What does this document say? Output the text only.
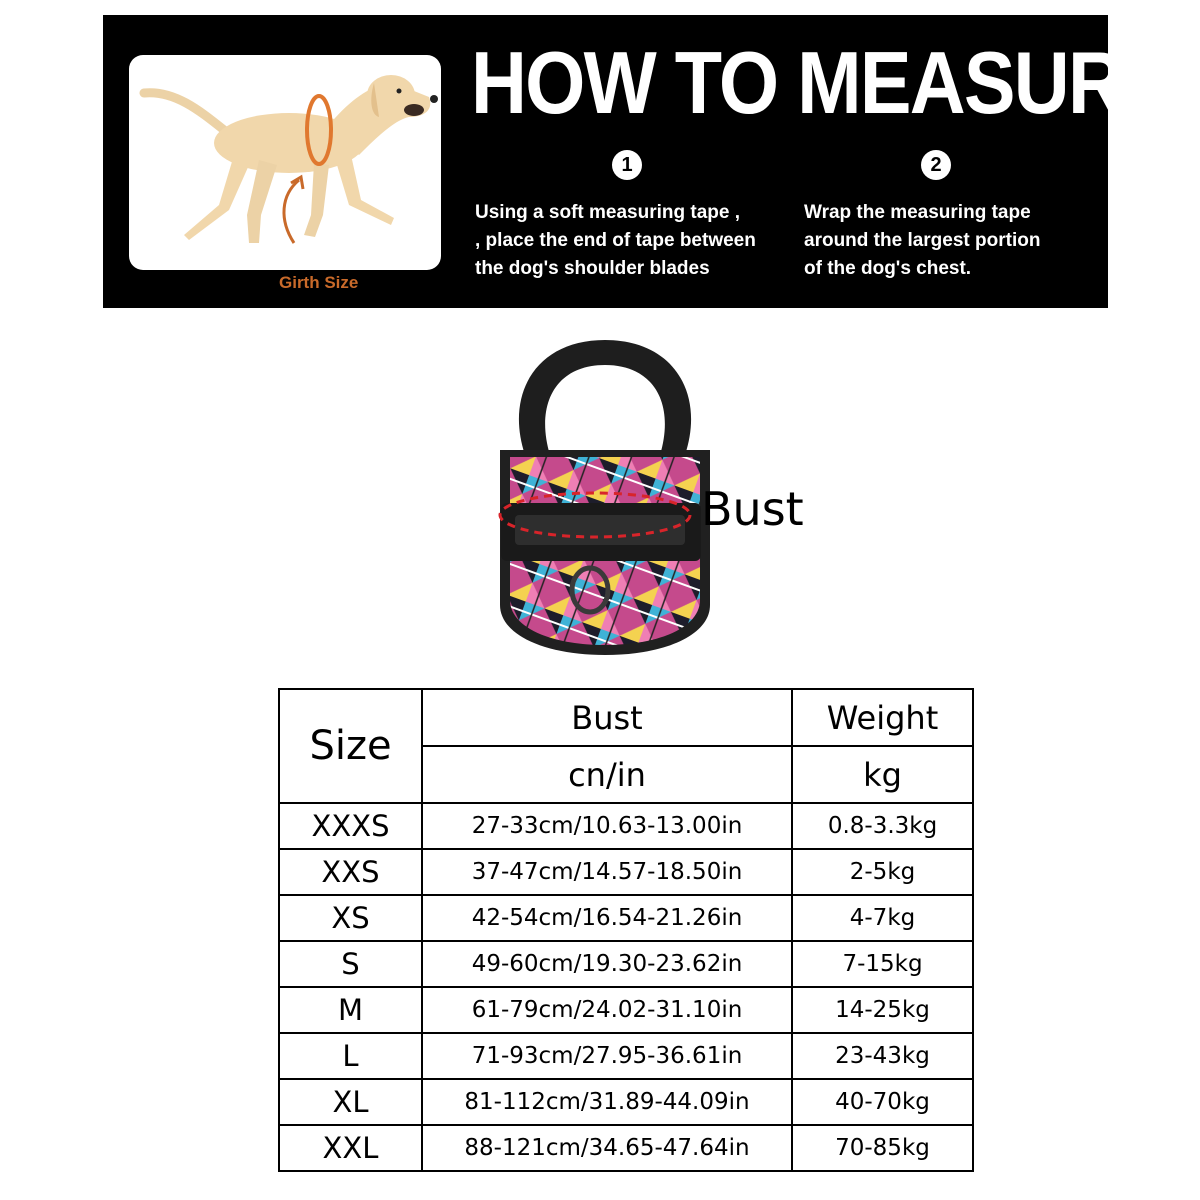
Girth Size
HOW TO MEASURE
1
Using a soft measuring tape ,
, place the end of tape between
the dog's shoulder blades
2
Wrap the measuring tape
around the largest portion
of the dog's chest.
Bust
Size	Bust	Weight
	cn/in	kg
XXXS	27-33cm/10.63-13.00in	0.8-3.3kg
XXS	37-47cm/14.57-18.50in	2-5kg
XS	42-54cm/16.54-21.26in	4-7kg
S	49-60cm/19.30-23.62in	7-15kg
M	61-79cm/24.02-31.10in	14-25kg
L	71-93cm/27.95-36.61in	23-43kg
XL	81-112cm/31.89-44.09in	40-70kg
XXL	88-121cm/34.65-47.64in	70-85kg
